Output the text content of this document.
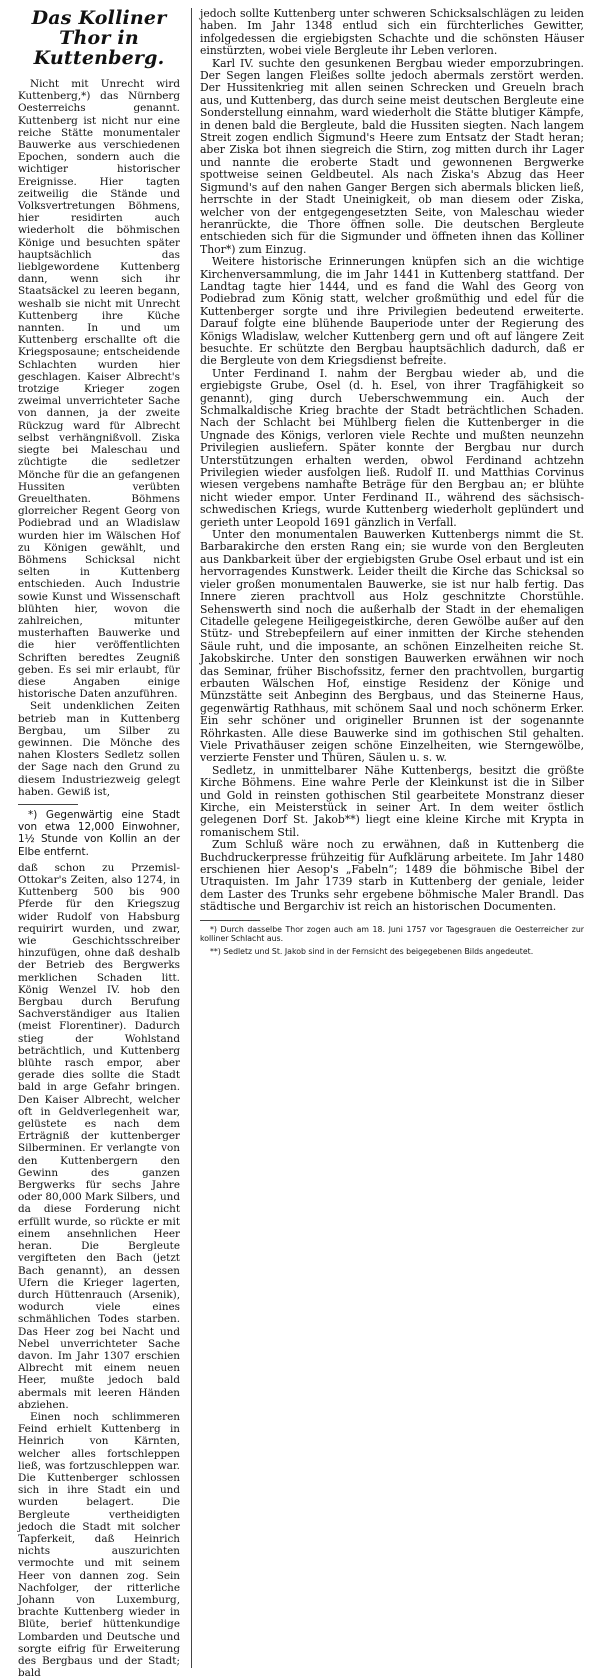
Das Kolliner Thor in
Kuttenberg.

Nicht mit Unrecht wird Kuttenberg,*) das Nürnberg Oesterreichs genannt. Kuttenberg ist nicht nur eine reiche Stätte monumentaler Bauwerke aus verschiedenen Epochen, sondern auch die wichtiger historischer Ereignisse. Hier tagten zeitweilig die Stände und Volksvertretungen Böhmens, hier residirten auch wiederholt die böhmischen Könige und besuchten später hauptsächlich das lieblgewordene Kuttenberg dann, wenn sich ihr Staatsäckel zu leeren begann, weshalb sie nicht mit Unrecht Kuttenberg ihre Küche nannten. In und um Kuttenberg erschallte oft die Kriegsposaune; entscheidende Schlachten wurden hier geschlagen. Kaiser Albrecht's trotzige Krieger zogen zweimal unverrichteter Sache von dannen, ja der zweite Rückzug ward für Albrecht selbst verhängnißvoll. Ziska siegte bei Maleschau und züchtigte die sedletzer Mönche für die an gefangenen Hussiten verübten Greuelthaten. Böhmens glorreicher Regent Georg von Podiebrad und an Wladislaw wurden hier im Wälschen Hof zu Königen gewählt, und Böhmens Schicksal nicht selten in Kuttenberg entschieden. Auch Industrie sowie Kunst und Wissenschaft blühten hier, wovon die zahlreichen, mitunter musterhaften Bauwerke und die hier veröffentlichten Schriften beredtes Zeugniß geben. Es sei mir erlaubt, für diese Angaben einige historische Daten anzuführen.

Seit undenklichen Zeiten betrieb man in Kuttenberg Bergbau, um Silber zu gewinnen. Die Mönche des nahen Klosters Sedletz sollen der Sage nach den Grund zu diesem Industriezweig gelegt haben. Gewiß ist,

*) Gegenwärtig eine Stadt von etwa 12,000 Einwohner, 1½ Stunde von Kollin an der Elbe entfernt.

daß schon zu Przemisl-Ottokar's Zeiten, also 1274, in Kuttenberg 500 bis 900 Pferde für den Kriegszug wider Rudolf von Habsburg requirirt wurden, und zwar, wie Geschichtsschreiber hinzufügen, ohne daß deshalb der Betrieb des Bergwerks merklichen Schaden litt. König Wenzel IV. hob den Bergbau durch Berufung Sachverständiger aus Italien (meist Florentiner). Dadurch stieg der Wohlstand beträchtlich, und Kuttenberg blühte rasch empor, aber gerade dies sollte die Stadt bald in arge Gefahr bringen. Den Kaiser Albrecht, welcher oft in Geldverlegenheit war, gelüstete es nach dem Erträgniß der kuttenberger Silberminen. Er verlangte von den Kuttenbergern den Gewinn des ganzen Bergwerks für sechs Jahre oder 80,000 Mark Silbers, und da diese Forderung nicht erfüllt wurde, so rückte er mit einem ansehnlichen Heer heran. Die Bergleute vergifteten den Bach (jetzt Bach genannt), an dessen Ufern die Krieger lagerten, durch Hüttenrauch (Arsenik), wodurch viele eines schmählichen Todes starben. Das Heer zog bei Nacht und Nebel unverrichteter Sache davon. Im Jahr 1307 erschien Albrecht mit einem neuen Heer, mußte jedoch bald abermals mit leeren Händen abziehen.

Einen noch schlimmeren Feind erhielt Kuttenberg in Heinrich von Kärnten, welcher alles fortschleppen ließ, was fortzuschleppen war. Die Kuttenberger schlossen sich in ihre Stadt ein und wurden belagert. Die Bergleute vertheidigten jedoch die Stadt mit solcher Tapferkeit, daß Heinrich nichts auszurichten vermochte und mit seinem Heer von dannen zog. Sein Nachfolger, der ritterliche Johann von Luxemburg, brachte Kuttenberg wieder in Blüte, berief hüttenkundige Lombarden und Deutsche und sorgte eifrig für Erweiterung des Bergbaus und der Stadt; bald

jedoch sollte Kuttenberg unter schweren Schicksalschlägen zu leiden haben. Im Jahr 1348 entlud sich ein fürchterliches Gewitter, infolgedessen die ergiebigsten Schachte und die schönsten Häuser einstürzten, wobei viele Bergleute ihr Leben verloren.

Karl IV. suchte den gesunkenen Bergbau wieder emporzubringen. Der Segen langen Fleißes sollte jedoch abermals zerstört werden. Der Hussitenkrieg mit allen seinen Schrecken und Greueln brach aus, und Kuttenberg, das durch seine meist deutschen Bergleute eine Sonderstellung einnahm, ward wiederholt die Stätte blutiger Kämpfe, in denen bald die Bergleute, bald die Hussiten siegten. Nach langem Streit zogen endlich Sigmund's Heere zum Entsatz der Stadt heran; aber Ziska bot ihnen siegreich die Stirn, zog mitten durch ihr Lager und nannte die eroberte Stadt und gewonnenen Bergwerke spottweise seinen Geldbeutel. Als nach Ziska's Abzug das Heer Sigmund's auf den nahen Ganger Bergen sich abermals blicken ließ, herrschte in der Stadt Uneinigkeit, ob man diesem oder Ziska, welcher von der entgegengesetzten Seite, von Maleschau wieder heranrückte, die Thore öffnen solle. Die deutschen Bergleute entschieden sich für die Sigmunder und öffneten ihnen das Kolliner Thor*) zum Einzug.

Weitere historische Erinnerungen knüpfen sich an die wichtige Kirchenversammlung, die im Jahr 1441 in Kuttenberg stattfand. Der Landtag tagte hier 1444, und es fand die Wahl des Georg von Podiebrad zum König statt, welcher großmüthig und edel für die Kuttenberger sorgte und ihre Privilegien bedeutend erweiterte. Darauf folgte eine blühende Bauperiode unter der Regierung des Königs Wladislaw, welcher Kuttenberg gern und oft auf längere Zeit besuchte. Er schützte den Bergbau hauptsächlich dadurch, daß er die Bergleute von dem Kriegsdienst befreite.

Unter Ferdinand I. nahm der Bergbau wieder ab, und die ergiebigste Grube, Osel (d. h. Esel, von ihrer Tragfähigkeit so genannt), ging durch Ueberschwemmung ein. Auch der Schmalkaldische Krieg brachte der Stadt beträchtlichen Schaden. Nach der Schlacht bei Mühlberg fielen die Kuttenberger in die Ungnade des Königs, verloren viele Rechte und mußten neunzehn Privilegien ausliefern. Später konnte der Bergbau nur durch Unterstützungen erhalten werden, obwol Ferdinand achtzehn Privilegien wieder ausfolgen ließ. Rudolf II. und Matthias Corvinus wiesen vergebens namhafte Beträge für den Bergbau an; er blühte nicht wieder empor. Unter Ferdinand II., während des sächsisch-schwedischen Kriegs, wurde Kuttenberg wiederholt geplündert und gerieth unter Leopold 1691 gänzlich in Verfall.

Unter den monumentalen Bauwerken Kuttenbergs nimmt die St. Barbarakirche den ersten Rang ein; sie wurde von den Bergleuten aus Dankbarkeit über der ergiebigsten Grube Osel erbaut und ist ein hervorragendes Kunstwerk. Leider theilt die Kirche das Schicksal so vieler großen monumentalen Bauwerke, sie ist nur halb fertig. Das Innere zieren prachtvoll aus Holz geschnitzte Chorstühle. Sehenswerth sind noch die außerhalb der Stadt in der ehemaligen Citadelle gelegene Heiligegeistkirche, deren Gewölbe außer auf den Stütz- und Strebepfeilern auf einer inmitten der Kirche stehenden Säule ruht, und die imposante, an schönen Einzelheiten reiche St. Jakobskirche. Unter den sonstigen Bauwerken erwähnen wir noch das Seminar, früher Bischofssitz, ferner den prachtvollen, burgartig erbauten Wälschen Hof, einstige Residenz der Könige und Münzstätte seit Anbeginn des Bergbaus, und das Steinerne Haus, gegenwärtig Rathhaus, mit schönem Saal und noch schönerm Erker. Ein sehr schöner und origineller Brunnen ist der sogenannte Röhrkasten. Alle diese Bauwerke sind im gothischen Stil gehalten. Viele Privathäuser zeigen schöne Einzelheiten, wie Sterngewölbe, verzierte Fenster und Thüren, Säulen u. s. w.

Sedletz, in unmittelbarer Nähe Kuttenbergs, besitzt die größte Kirche Böhmens. Eine wahre Perle der Kleinkunst ist die in Silber und Gold in reinsten gothischen Stil gearbeitete Monstranz dieser Kirche, ein Meisterstück in seiner Art. In dem weiter östlich gelegenen Dorf St. Jakob**) liegt eine kleine Kirche mit Krypta in romanischem Stil.

Zum Schluß wäre noch zu erwähnen, daß in Kuttenberg die Buchdruckerpresse frühzeitig für Aufklärung arbeitete. Im Jahr 1480 erschienen hier Aesop's „Fabeln“; 1489 die böhmische Bibel der Utraquisten. Im Jahr 1739 starb in Kuttenberg der geniale, leider dem Laster des Trunks sehr ergebene böhmische Maler Brandl. Das städtische und Bergarchiv ist reich an historischen Documenten.

*) Durch dasselbe Thor zogen auch am 18. Juni 1757 vor Tagesgrauen die Oesterreicher zur kolliner Schlacht aus.

**) Sedletz und St. Jakob sind in der Fernsicht des beigegebenen Bilds angedeutet.
